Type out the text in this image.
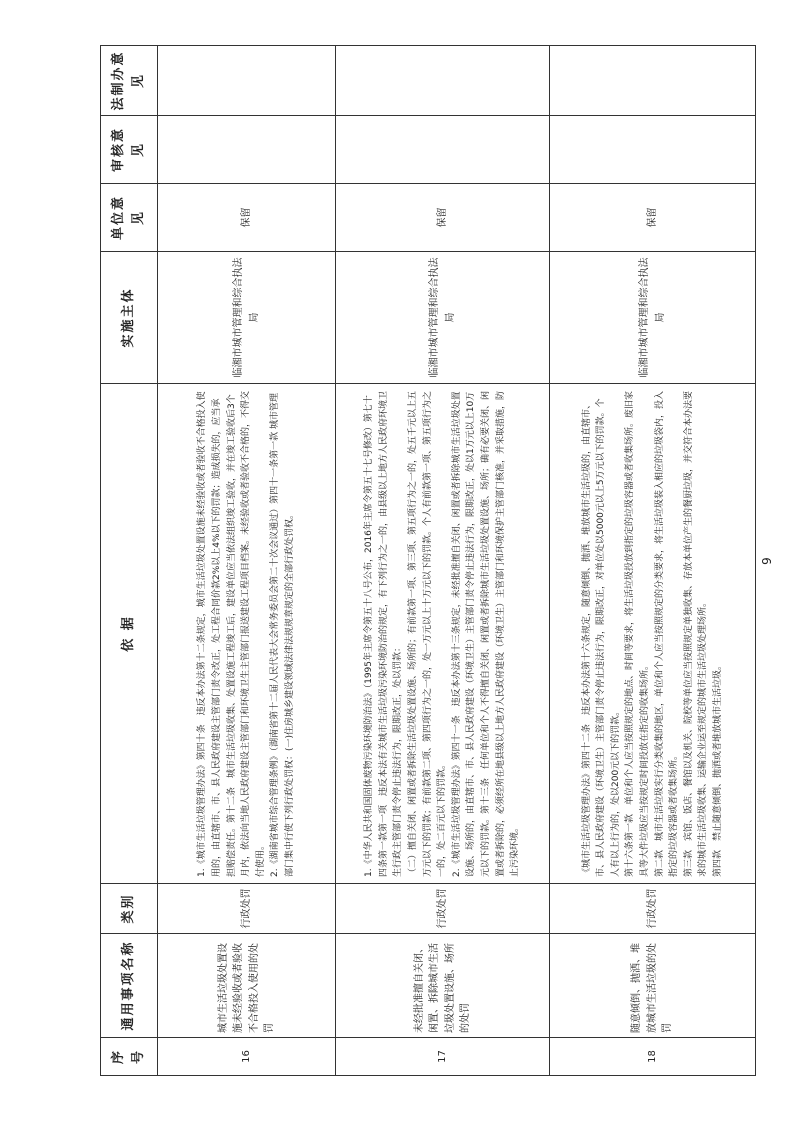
序号	通用事项名称	类别	依 据	实施主体	单位意见	审核意见	法制办意见
16	城市生活垃圾处置设施未经验收或者验收不合格投入使用的处罚	行政处罚	1.《城市生活垃圾管理办法》第四十条　违反本办法第十二条规定，城市生活垃圾处置设施未经验收或者验收不合格投入使用的，由直辖市、市、县人民政府建设主管部门责令改正，处工程合同价款2%以上4%以下的罚款；造成损失的，应当承担赔偿责任。第十二条　城市生活垃圾收集、处置设施工程竣工后，建设单位应当依法组织竣工验收，并在竣工验收后3个月内，依法向当地人民政府建设主管部门和环境卫生主管部门报送建设工程项目档案。未经验收或者验收不合格的，不得交付使用。 2.《湖南省城市综合管理条例》（湖南省第十二届人民代表大会常务委员会第二十次会议通过）第四十一条第一款 城市管理部门集中行使下列行政处罚权：(一)住房城乡建设领域法律法规规章规定的全部行政处罚权。	临湘市城市管理和综合执法局	保留		
17	未经批准擅自关闭、闲置、拆除城市生活垃圾处置设施、场所的处罚	行政处罚	1.《中华人民共和国固体废物污染环境防治法》（1995年主席令第五十八号公布，2016年主席令第五十七号修改）第七十四条第一款第一项　违反本法有关城市生活垃圾污染环境防治的规定，有下列行为之一的，由县级以上地方人民政府环境卫生行政主管部门责令停止违法行为，限期改正，处以罚款： （二）擅自关闭、闲置或者拆除生活垃圾处置设施、场所的；有前款第一项、第三项、第五项行为之一的，处五千元以上五万元以下的罚款；有前款第二项、第四项行为之一的，处一万元以上十万元以下的罚款。个人有前款第一项、第五项行为之一的，处二百元以下的罚款。 2.《城市生活垃圾管理办法》第四十一条　违反本办法第十三条规定，未经批准擅自关闭、闲置或者拆除城市生活垃圾处置设施、场所的，由直辖市、市、县人民政府建设（环境卫生）主管部门责令停止违法行为，限期改正，处以1万元以上10万元以下的罚款。第十三条　任何单位和个人不得擅自关闭、闲置或者拆除城市生活垃圾处置设施、场所；确有必要关闭、闲置或者拆除的，必须经所在地县级以上地方人民政府建设（环境卫生）主管部门和环境保护主管部门核准，并采取措施，防止污染环境。	临湘市城市管理和综合执法局	保留		
18	随意倾倒、抛洒、堆放城市生活垃圾的处罚	行政处罚	《城市生活垃圾管理办法》第四十二条　违反本办法第十六条规定，随意倾倒、抛洒、堆放城市生活垃圾的，由直辖市、市、县人民政府建设（环境卫生）主管部门责令停止违法行为，限期改正，对单位处以5000元以上5万元以下的罚款。个人有以上行为的，处以200元以下的罚款。 第十六条第一款　单位和个人应当按照规定的地点、时间等要求，将生活垃圾投放到指定的垃圾容器或者收集场所。废旧家具等大件垃圾应当按规定时间投放在指定的收集场所。 第二款　城市生活垃圾实行分类收集的地区，单位和个人应当按照规定的分类要求，将生活垃圾装入相应的垃圾袋内，投入指定的垃圾容器或者收集场所。 第三款　宾馆、饭店、餐馆以及机关、院校等单位应当按照规定单独收集、存放本单位产生的餐厨垃圾，并交符合本办法要求的城市生活垃圾收集、运输企业运至规定的城市生活垃圾处理场所。 第四款　禁止随意倾倒、抛洒或者堆放城市生活垃圾。	临湘市城市管理和综合执法局	保留		
9
